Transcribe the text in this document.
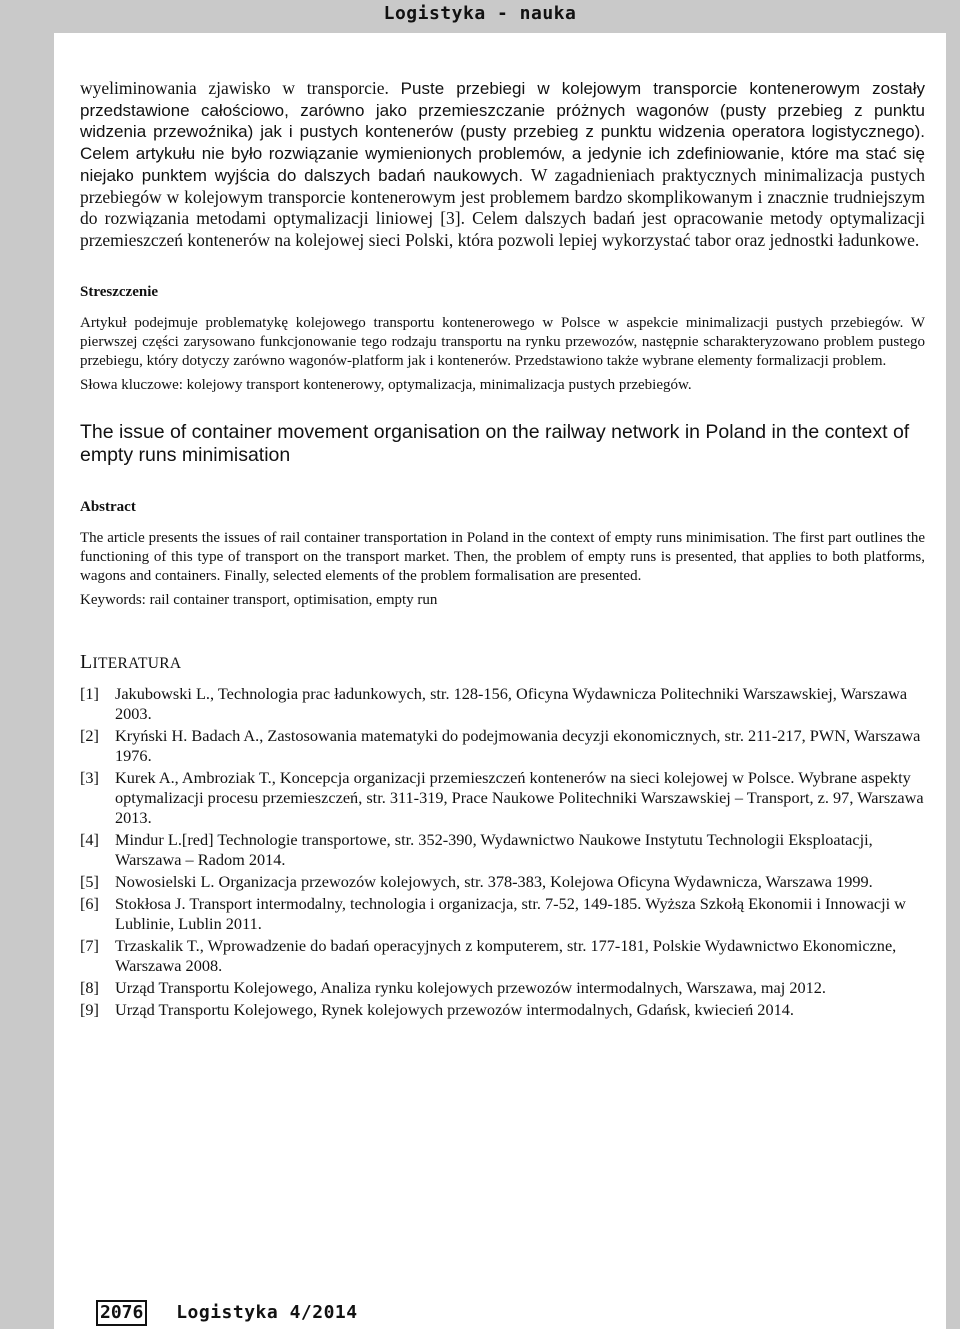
Logistyka - nauka

wyeliminowania zjawisko w transporcie. Puste przebiegi w kolejowym transporcie kontenerowym zostały przedstawione całościowo, zarówno jako przemieszczanie próżnych wagonów (pusty przebieg z punktu widzenia przewoźnika) jak i pustych kontenerów (pusty przebieg z punktu widzenia operatora logistycznego). Celem artykułu nie było rozwiązanie wymienionych problemów, a jedynie ich zdefiniowanie, które ma stać się niejako punktem wyjścia do dalszych badań naukowych. W zagadnieniach praktycznych minimalizacja pustych przebiegów w kolejowym transporcie kontenerowym jest problemem bardzo skomplikowanym i znacznie trudniejszym do rozwiązania metodami optymalizacji liniowej [3]. Celem dalszych badań jest opracowanie metody optymalizacji przemieszczeń kontenerów na kolejowej sieci Polski, która pozwoli lepiej wykorzystać tabor oraz jednostki ładunkowe.

Streszczenie

Artykuł podejmuje problematykę kolejowego transportu kontenerowego w Polsce w aspekcie minimalizacji pustych przebiegów. W pierwszej części zarysowano funkcjonowanie tego rodzaju transportu na rynku przewozów, następnie scharakteryzowano problem pustego przebiegu, który dotyczy zarówno wagonów-platform jak i kontenerów. Przedstawiono także wybrane elementy formalizacji problem.

Słowa kluczowe: kolejowy transport kontenerowy, optymalizacja, minimalizacja pustych przebiegów.

The issue of container movement organisation on the railway network in Poland in the context of empty runs minimisation
Abstract

The article presents the issues of rail container transportation in Poland in the context of empty runs minimisation. The first part outlines the functioning of this type of transport on the transport market. Then, the problem of empty runs is presented, that applies to both platforms, wagons and containers. Finally, selected elements of the problem formalisation are presented.

Keywords: rail container transport, optimisation, empty run

LITERATURA
[1] Jakubowski L., Technologia prac ładunkowych, str. 128-156, Oficyna Wydawnicza Politechniki Warszawskiej, Warszawa 2003.
[2] Kryński H. Badach A., Zastosowania matematyki do podejmowania decyzji ekonomicznych, str. 211-217, PWN, Warszawa 1976.
[3] Kurek A., Ambroziak T., Koncepcja organizacji przemieszczeń kontenerów na sieci kolejowej w Polsce. Wybrane aspekty optymalizacji procesu przemieszczeń, str. 311-319, Prace Naukowe Politechniki Warszawskiej – Transport, z. 97, Warszawa 2013.
[4] Mindur L.[red] Technologie transportowe, str. 352-390, Wydawnictwo Naukowe Instytutu Technologii Eksploatacji, Warszawa – Radom 2014.
[5] Nowosielski L. Organizacja przewozów kolejowych, str. 378-383, Kolejowa Oficyna Wydawnicza, Warszawa 1999.
[6] Stokłosa J. Transport intermodalny, technologia i organizacja, str. 7-52, 149-185. Wyższa Szkołą Ekonomii i Innowacji w Lublinie, Lublin 2011.
[7] Trzaskalik T., Wprowadzenie do badań operacyjnych z komputerem, str. 177-181, Polskie Wydawnictwo Ekonomiczne, Warszawa 2008.
[8] Urząd Transportu Kolejowego, Analiza rynku kolejowych przewozów intermodalnych, Warszawa, maj 2012.
[9] Urząd Transportu Kolejowego, Rynek kolejowych przewozów intermodalnych, Gdańsk, kwiecień 2014.
2076 Logistyka 4/2014
